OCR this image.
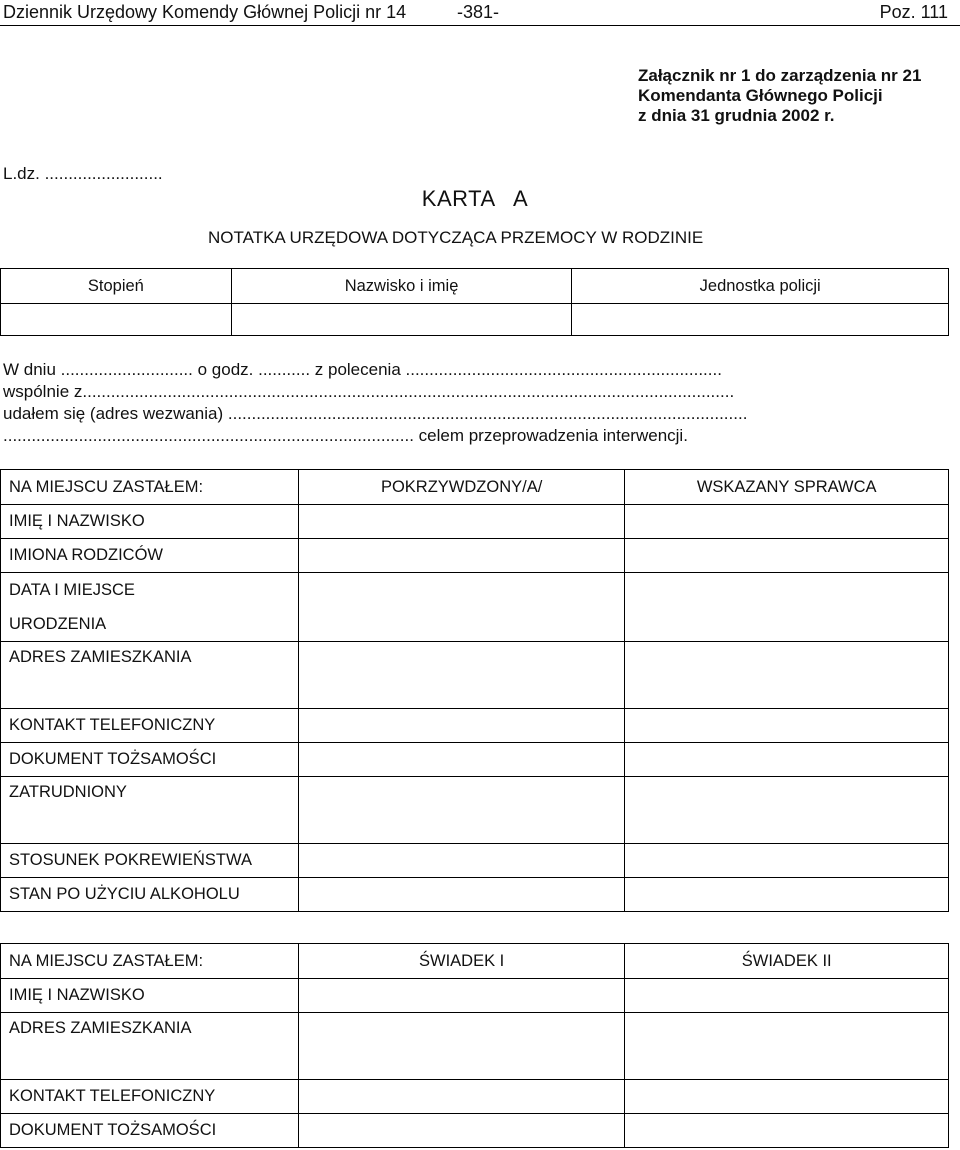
Dziennik Urzędowy Komendy Głównej Policji nr 14	-381-	Poz. 111
Załącznik nr 1 do zarządzenia nr 21
Komendanta Głównego Policji
z dnia 31 grudnia 2002 r.
L.dz. .........................
KARTA   A
NOTATKA URZĘDOWA DOTYCZĄCA PRZEMOCY W RODZINIE
Stopień	Nazwisko i imię	Jednostka policji

W dniu ............................ o godz. ........... z polecenia ...................................................................
wspólnie z..........................................................................................................................................
udałem się (adres wezwania) ..............................................................................................................
....................................................................................... celem przeprowadzenia interwencji.
NA MIEJSCU ZASTAŁEM:	POKRZYWDZONY/A/	WSKAZANY SPRAWCA
IMIĘ I NAZWISKO		
IMIONA RODZICÓW		

DATA I MIEJSCE
URODZENIA		

ADRES ZAMIESZKANIA		
KONTAKT TELEFONICZNY		
DOKUMENT TOŻSAMOŚCI		
ZATRUDNIONY		
STOSUNEK POKREWIEŃSTWA		
STAN PO UŻYCIU ALKOHOLU		
NA MIEJSCU ZASTAŁEM:	ŚWIADEK I	ŚWIADEK II
IMIĘ I NAZWISKO		
ADRES ZAMIESZKANIA		
KONTAKT TELEFONICZNY		
DOKUMENT TOŻSAMOŚCI		
